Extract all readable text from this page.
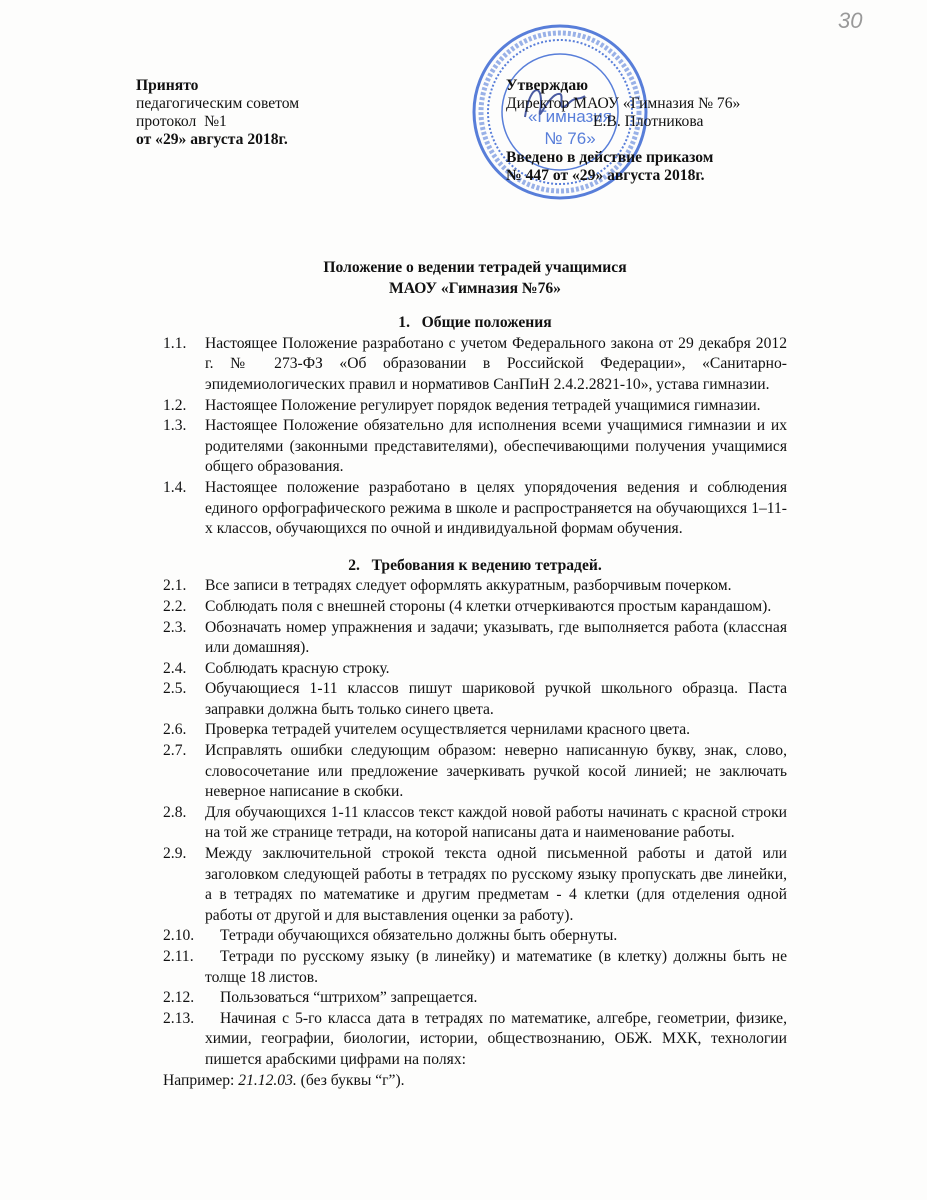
30
Принято
педагогическим советом
протокол  №1
от «29» августа 2018г.
«Гимназия
№ 76»
Утверждаю
Директор МАОУ «Гимназия № 76»
Е.В. Плотникова
Введено в действие приказом
№ 447 от «29» августа 2018г.
Положение о ведении тетрадей учащимися
МАОУ «Гимназия №76»
1.   Общие положения
1.1.	Настоящее Положение разработано с учетом Федерального закона от 29 декабря 2012 г. № 273-ФЗ «Об образовании в Российской Федерации», «Санитарно-эпидемиологических правил и нормативов СанПиН 2.4.2.2821-10», устава гимназии.
1.2.	Настоящее Положение регулирует порядок ведения тетрадей учащимися гимназии.
1.3.	Настоящее Положение обязательно для исполнения всеми учащимися гимназии и их родителями (законными представителями), обеспечивающими получения учащимися общего образования.
1.4.	Настоящее положение разработано в целях упорядочения ведения и соблюдения единого орфографического режима в школе и распространяется на обучающихся 1–11-х классов, обучающихся по очной и индивидуальной формам обучения.
2.   Требования к ведению тетрадей.
2.1.	Все записи в тетрадях следует оформлять аккуратным, разборчивым почерком.
2.2.	Соблюдать поля с внешней стороны (4 клетки отчеркиваются простым карандашом).
2.3.	Обозначать номер упражнения и задачи; указывать, где выполняется работа (классная или домашняя).
2.4.	Соблюдать красную строку.
2.5.	Обучающиеся 1-11 классов пишут шариковой ручкой школьного образца. Паста заправки должна быть только синего цвета.
2.6.	Проверка тетрадей учителем осуществляется чернилами красного цвета.
2.7.	Исправлять ошибки следующим образом: неверно написанную букву, знак, слово, словосочетание или предложение зачеркивать ручкой косой линией; не заключать неверное написание в скобки.
2.8.	Для обучающихся 1-11 классов текст каждой новой работы начинать с красной строки на той же странице тетради, на которой написаны дата и наименование работы.
2.9.	Между заключительной строкой текста одной письменной работы и датой или заголовком следующей работы в тетрадях по русскому языку пропускать две линейки, а в тетрадях по математике и другим предметам - 4 клетки (для отделения одной работы от другой и для выставления оценки за работу).
2.10. Тетради обучающихся обязательно должны быть обернуты.
2.11. Тетради по русскому языку (в линейку) и математике (в клетку) должны быть не толще 18 листов.
2.12. Пользоваться “штрихом” запрещается.
2.13. Начиная с 5-го класса дата в тетрадях по математике, алгебре, геометрии, физике, химии, географии, биологии, истории, обществознанию, ОБЖ. МХК, технологии пишется арабскими цифрами на полях:
Например: 21.12.03. (без буквы “г”).
